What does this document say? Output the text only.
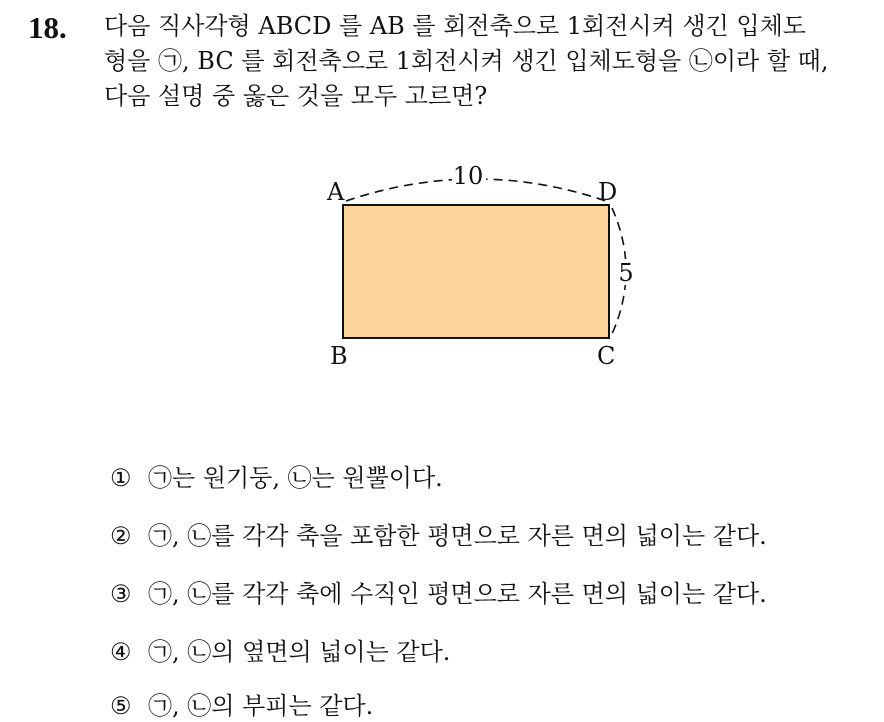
18. 다음 직사각형 ABCD 를 AB 를 회전축으로 1회전시켜 생긴 입체도
형을 ㉠, BC 를 회전축으로 1회전시켜 생긴 입체도형을 ㉡이라 할 때,
다음 설명 중 옳은 것을 모두 고르면?
10
5
A
B	C
D
① ㉠는 원기둥, ㉡는 원뿔이다.
② ㉠, ㉡를 각각 축을 포함한 평면으로 자른 면의 넓이는 같다.
③ ㉠, ㉡를 각각 축에 수직인 평면으로 자른 면의 넓이는 같다.
④ ㉠, ㉡의 옆면의 넓이는 같다.
⑤ ㉠, ㉡의 부피는 같다.
